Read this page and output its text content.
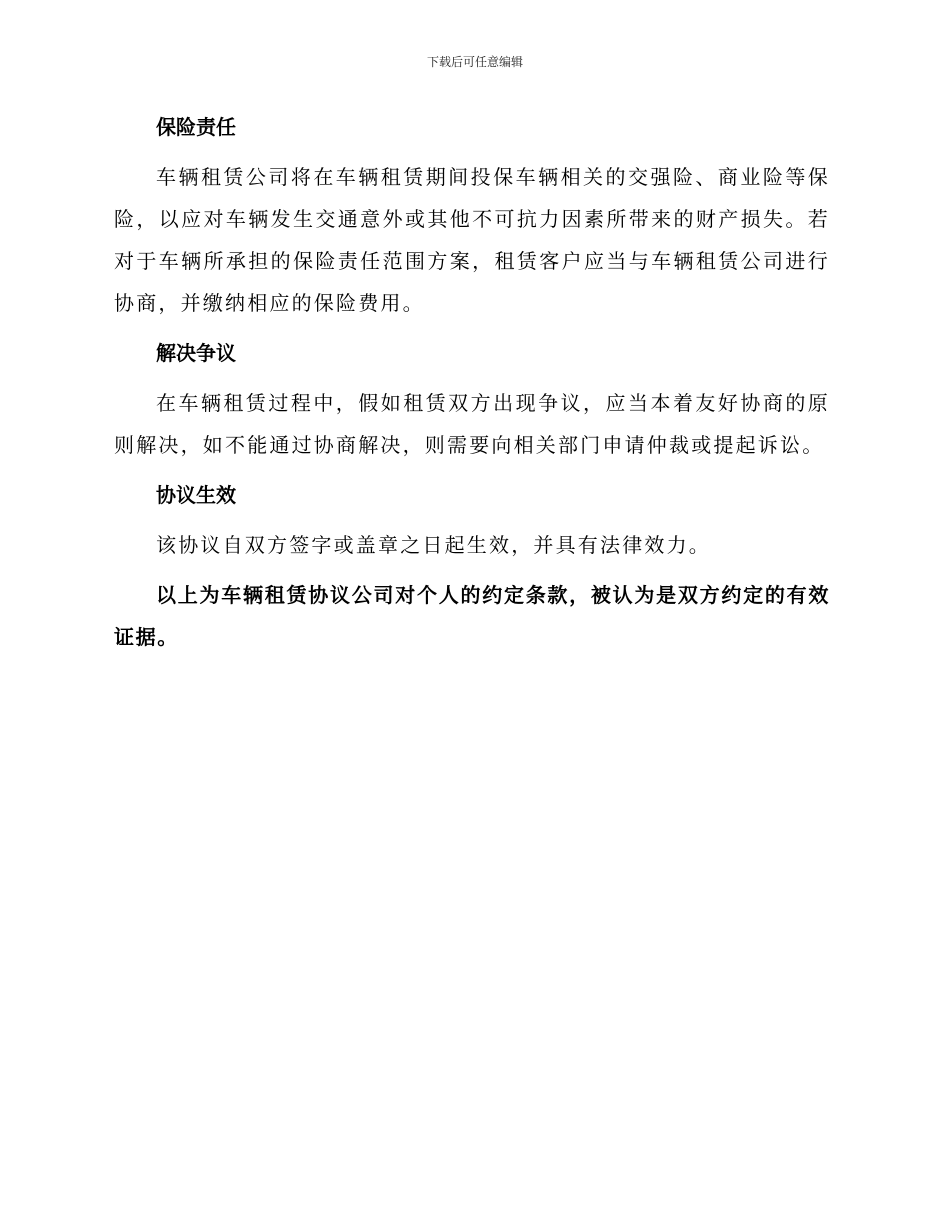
下载后可任意编辑
保险责任

车辆租赁公司将在车辆租赁期间投保车辆相关的交强险、商业险等保险，以应对车辆发生交通意外或其他不可抗力因素所带来的财产损失。若对于车辆所承担的保险责任范围方案，租赁客户应当与车辆租赁公司进行协商，并缴纳相应的保险费用。

解决争议

在车辆租赁过程中，假如租赁双方出现争议，应当本着友好协商的原则解决，如不能通过协商解决，则需要向相关部门申请仲裁或提起诉讼。

协议生效

该协议自双方签字或盖章之日起生效，并具有法律效力。

以上为车辆租赁协议公司对个人的约定条款，被认为是双方约定的有效证据。
